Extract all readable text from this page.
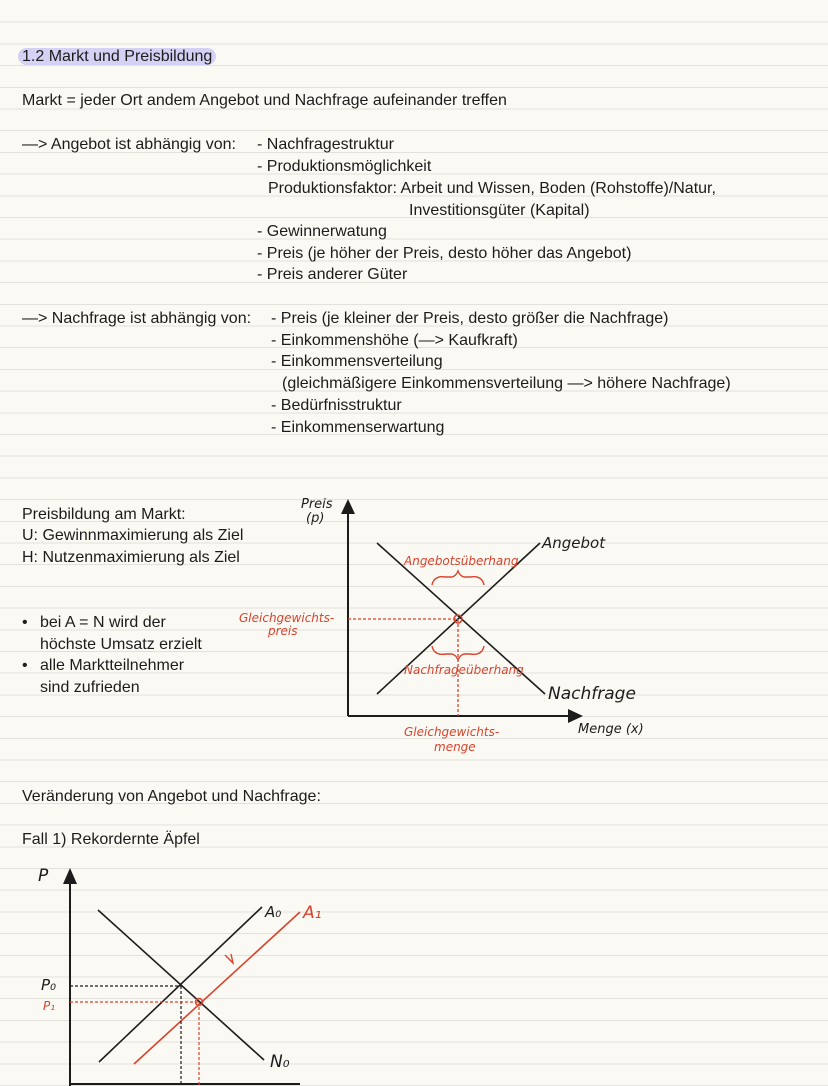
1.2 Markt und Preisbildung
Markt = jeder Ort andem Angebot und Nachfrage aufeinander treffen
—> Angebot ist abhängig von: - Nachfragestruktur
- Produktionsmöglichkeit
Produktionsfaktor: Arbeit und Wissen, Boden (Rohstoffe)/Natur,
Investitionsgüter (Kapital)
- Gewinnerwatung
- Preis (je höher der Preis, desto höher das Angebot)
- Preis anderer Güter
—> Nachfrage ist abhängig von: - Preis (je kleiner der Preis, desto größer die Nachfrage)
- Einkommenshöhe (—> Kaufkraft)
- Einkommensverteilung
(gleichmäßigere Einkommensverteilung —> höhere Nachfrage)
- Bedürfnisstruktur
- Einkommenserwartung
Preisbildung am Markt:
U: Gewinnmaximierung als Ziel
H: Nutzenmaximierung als Ziel
• bei A = N wird der
höchste Umsatz erzielt
• alle Marktteilnehmer
sind zufrieden
Preis
(p)
Menge (x)
Angebot
Nachfrage
Angebotsüberhang
Nachfrageüberhang
Gleichgewichts-
preis
Gleichgewichts-
menge
Veränderung von Angebot und Nachfrage:
Fall 1) Rekordernte Äpfel
P
A₀ A₁
N₀
P₀
P₁
